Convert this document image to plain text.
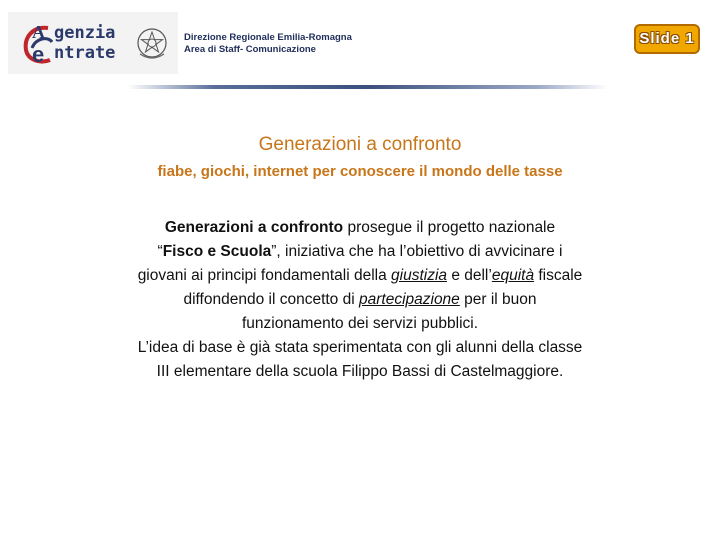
A
e
genzia
ntrate
Direzione Regionale Emilia-Romagna
Area di Staff- Comunicazione
Slide 1
Generazioni a confronto
fiabe, giochi, internet per conoscere il mondo delle tasse
Generazioni a confronto prosegue il progetto nazionale
“Fisco e Scuola”, iniziativa che ha l’obiettivo di avvicinare i
giovani ai principi fondamentali della giustizia e dell’equità fiscale
diffondendo il concetto di partecipazione per il buon
funzionamento dei servizi pubblici.
L’idea di base è già stata sperimentata con gli alunni della classe
III elementare della scuola Filippo Bassi di Castelmaggiore.
